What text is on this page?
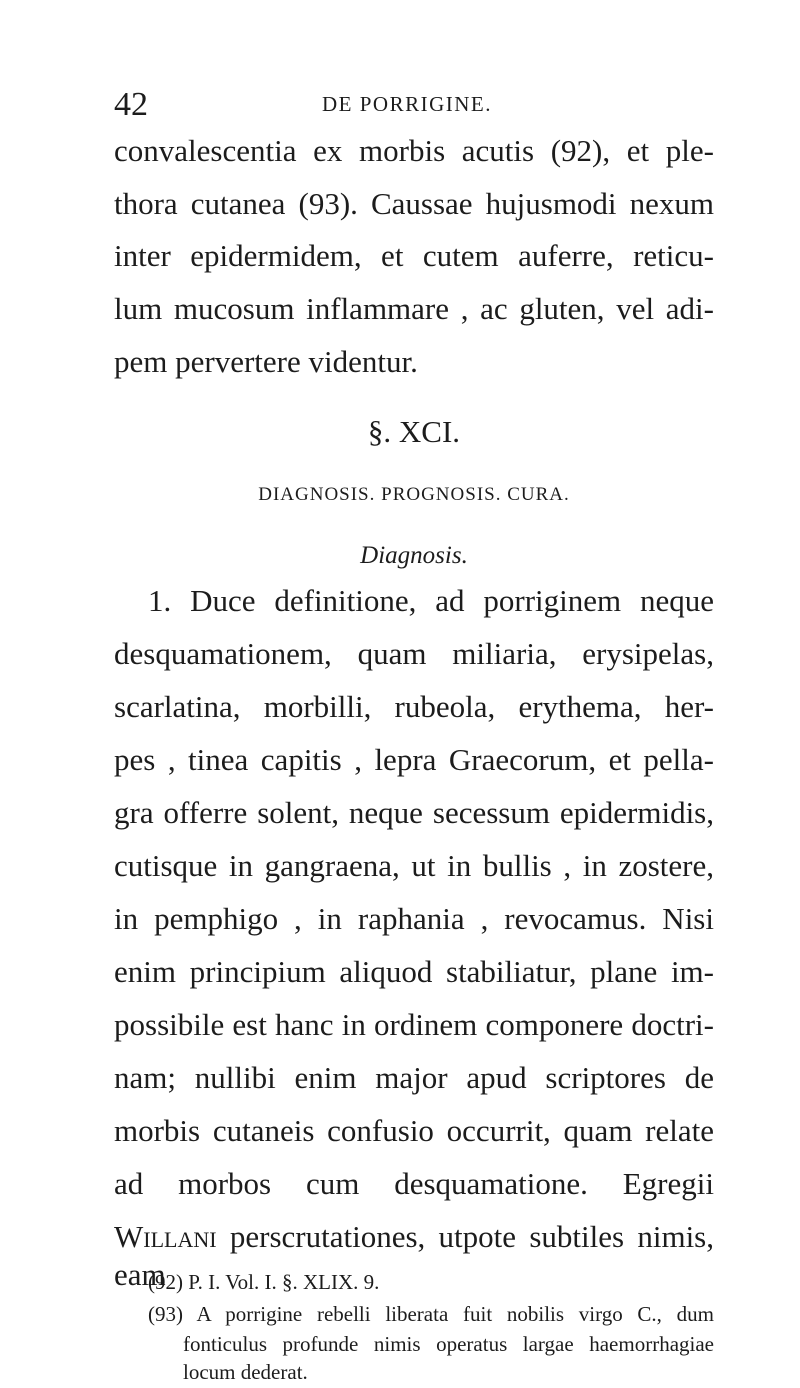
42	DE PORRIGINE.
convalescentia ex morbis acutis (92), et ple-
thora cutanea (93). Caussae hujusmodi nexum
inter epidermidem, et cutem auferre, reticu-
lum mucosum inflammare , ac gluten, vel adi-
pem pervertere videntur.
§. XCI.
DIAGNOSIS. PROGNOSIS. CURA.
Diagnosis.
1. Duce definitione, ad porriginem neque
desquamationem, quam miliaria, erysipelas,
scarlatina, morbilli, rubeola, erythema, her-
pes , tinea capitis , lepra Graecorum, et pella-
gra offerre solent, neque secessum epidermidis,
cutisque in gangraena, ut in bullis , in zostere,
in pemphigo , in raphania , revocamus. Nisi
enim principium aliquod stabiliatur, plane im-
possibile est hanc in ordinem componere doctri-
nam; nullibi enim major apud scriptores de
morbis cutaneis confusio occurrit, quam relate
ad morbos cum desquamatione. Egregii
Willani perscrutationes, utpote subtiles nimis, eam
(92) P. I. Vol. I. §. XLIX. 9.
(93) A porrigine rebelli liberata fuit nobilis virgo C., dum
fonticulus profunde nimis operatus largae haemorrhagiae
locum dederat.
